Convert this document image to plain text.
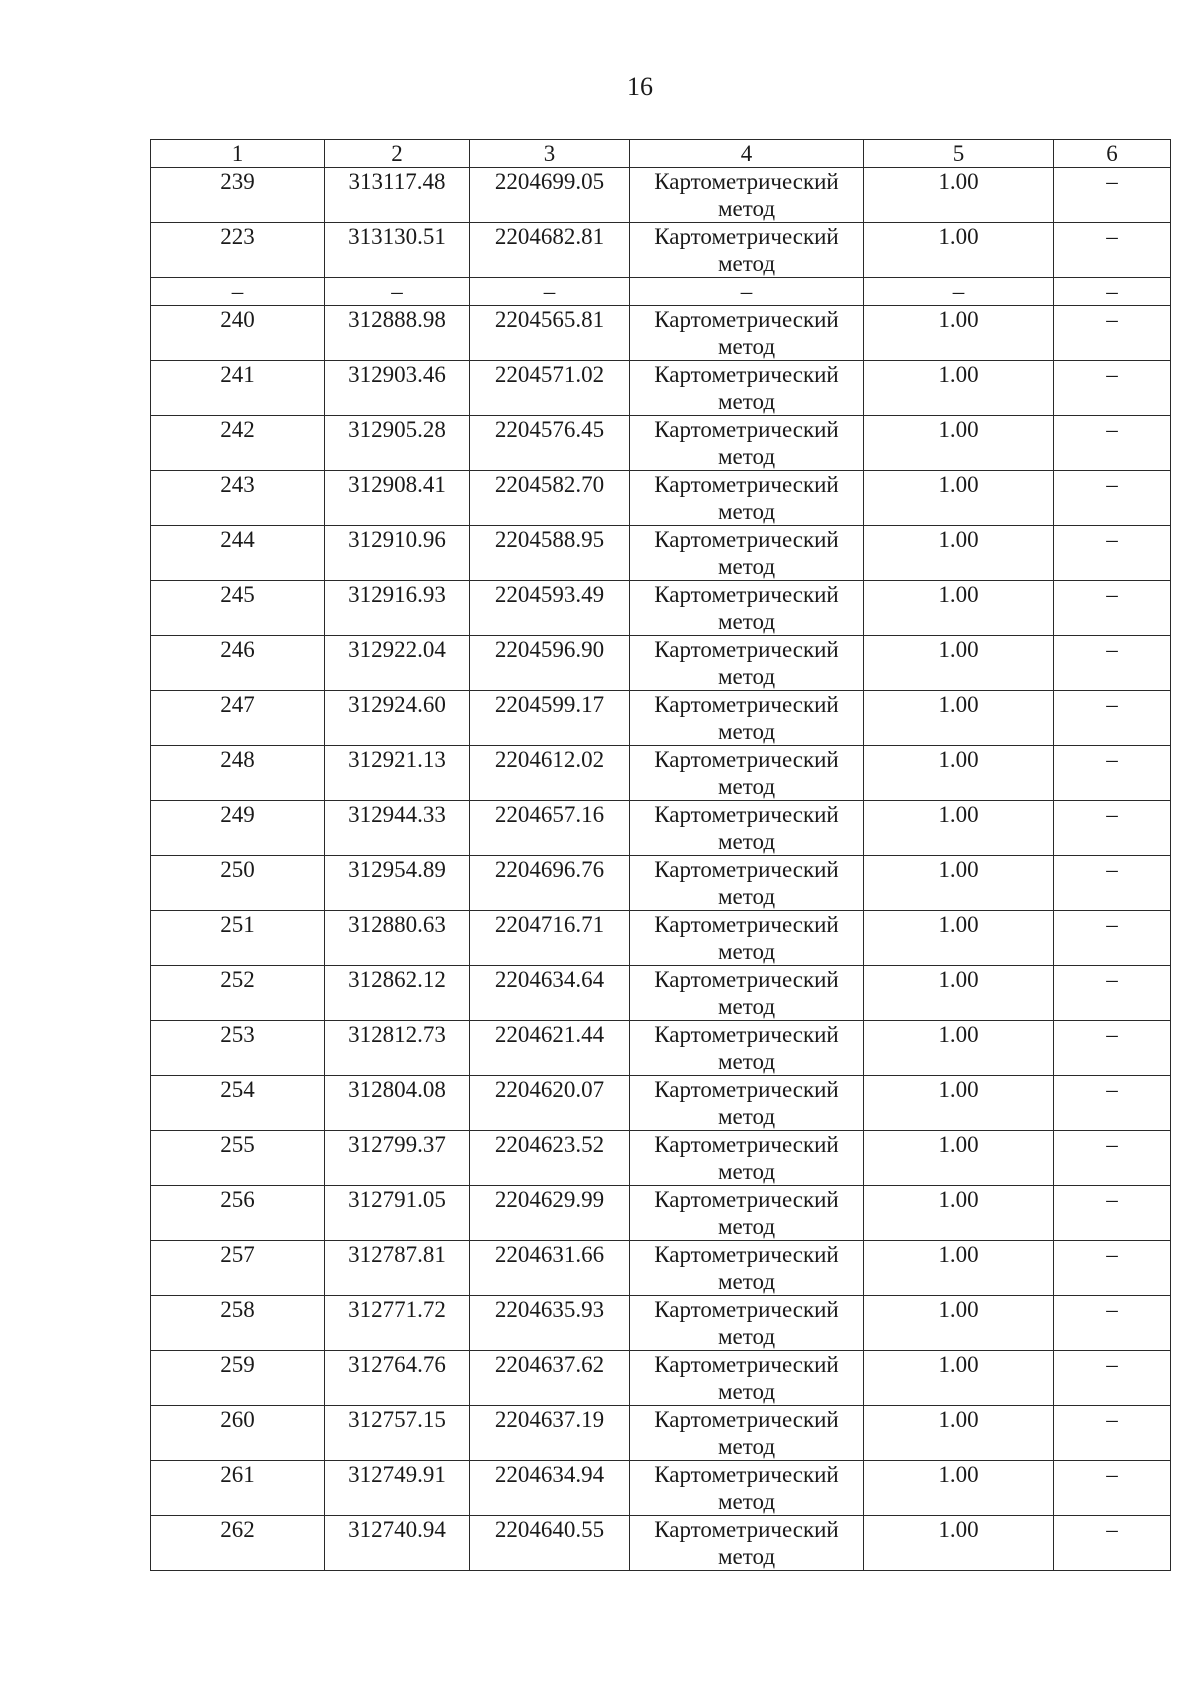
16
1	2	3	4	5	6
239	313117.48	2204699.05	Картометрический метод	1.00	–
223	313130.51	2204682.81	Картометрический метод	1.00	–
–	–	–	–	–	–
240	312888.98	2204565.81	Картометрический метод	1.00	–
241	312903.46	2204571.02	Картометрический метод	1.00	–
242	312905.28	2204576.45	Картометрический метод	1.00	–
243	312908.41	2204582.70	Картометрический метод	1.00	–
244	312910.96	2204588.95	Картометрический метод	1.00	–
245	312916.93	2204593.49	Картометрический метод	1.00	–
246	312922.04	2204596.90	Картометрический метод	1.00	–
247	312924.60	2204599.17	Картометрический метод	1.00	–
248	312921.13	2204612.02	Картометрический метод	1.00	–
249	312944.33	2204657.16	Картометрический метод	1.00	–
250	312954.89	2204696.76	Картометрический метод	1.00	–
251	312880.63	2204716.71	Картометрический метод	1.00	–
252	312862.12	2204634.64	Картометрический метод	1.00	–
253	312812.73	2204621.44	Картометрический метод	1.00	–
254	312804.08	2204620.07	Картометрический метод	1.00	–
255	312799.37	2204623.52	Картометрический метод	1.00	–
256	312791.05	2204629.99	Картометрический метод	1.00	–
257	312787.81	2204631.66	Картометрический метод	1.00	–
258	312771.72	2204635.93	Картометрический метод	1.00	–
259	312764.76	2204637.62	Картометрический метод	1.00	–
260	312757.15	2204637.19	Картометрический метод	1.00	–
261	312749.91	2204634.94	Картометрический метод	1.00	–
262	312740.94	2204640.55	Картометрический метод	1.00	–
